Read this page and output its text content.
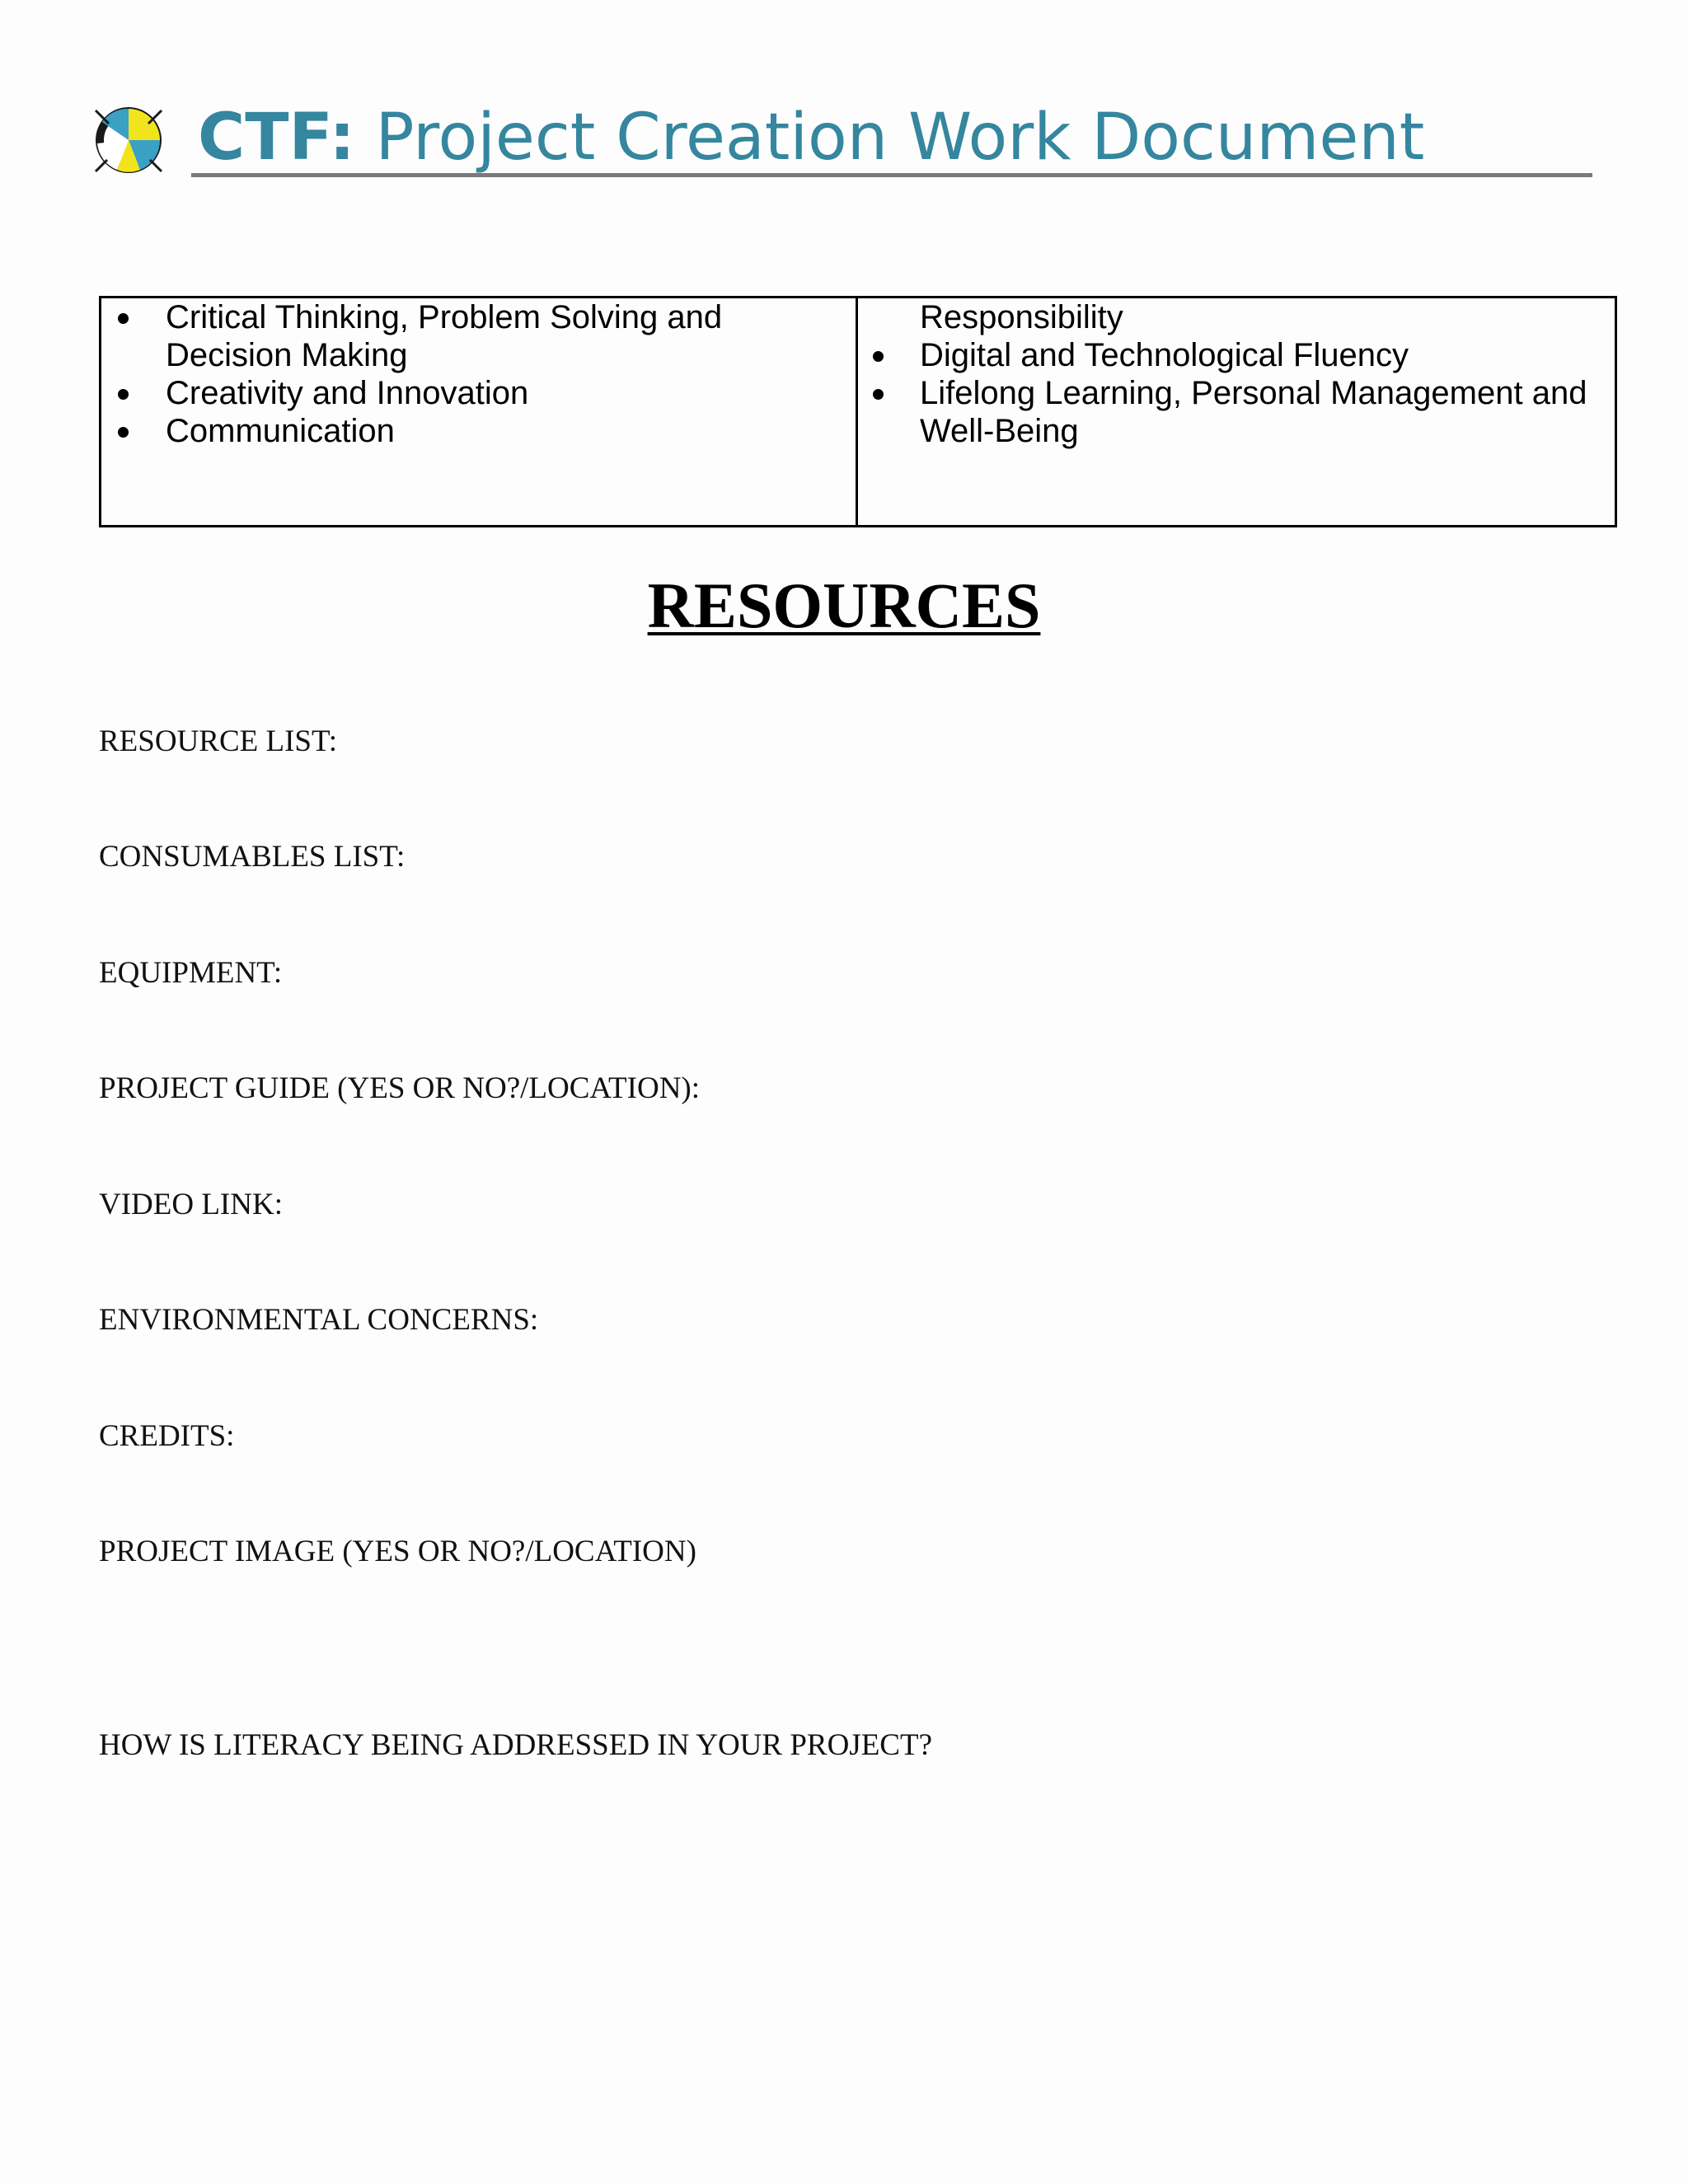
CTF: Project Creation Work Document
Critical Thinking, Problem Solving and Decision Making
Creativity and Innovation
Communication
Responsibility
Digital and Technological Fluency
Lifelong Learning, Personal Management and Well-Being
RESOURCES
RESOURCE LIST:
CONSUMABLES LIST:
EQUIPMENT:
PROJECT GUIDE (YES OR NO?/LOCATION):
VIDEO LINK:
ENVIRONMENTAL CONCERNS:
CREDITS:
PROJECT IMAGE (YES OR NO?/LOCATION)
HOW IS LITERACY BEING ADDRESSED IN YOUR PROJECT?
